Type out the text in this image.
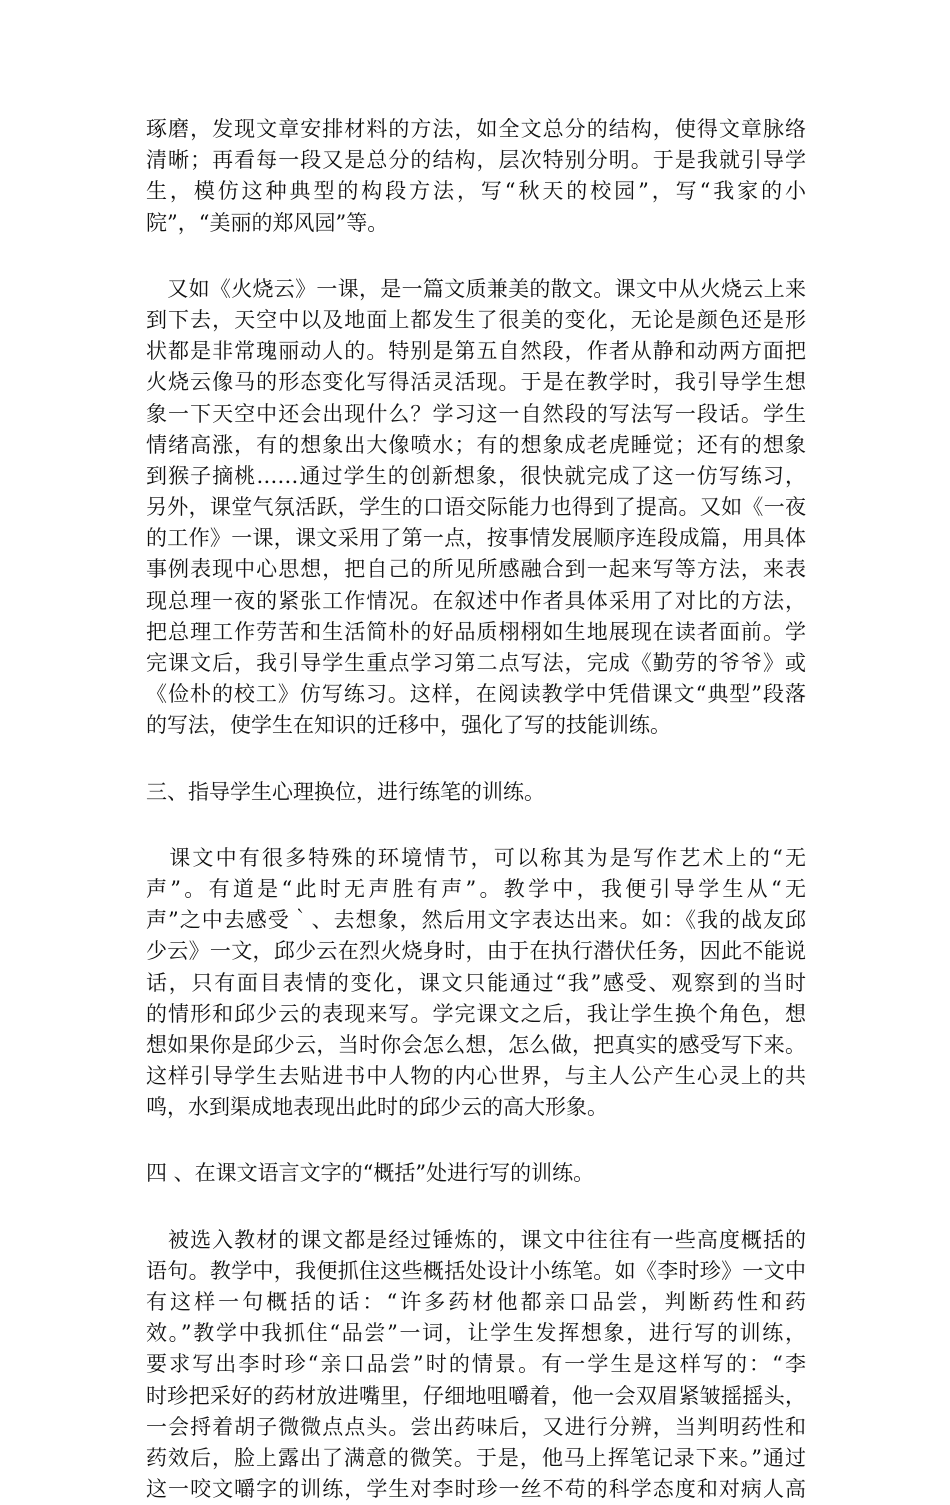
琢磨，发现文章安排材料的方法，如全文总分的结构，使得文章脉络
清晰；再看每一段又是总分的结构，层次特别分明。于是我就引导学
生，模仿这种典型的构段方法，写“秋天的校园”，写“我家的小
院”，“美丽的郑风园”等。
　又如《火烧云》一课，是一篇文质兼美的散文。课文中从火烧云上来
到下去，天空中以及地面上都发生了很美的变化，无论是颜色还是形
状都是非常瑰丽动人的。特别是第五自然段，作者从静和动两方面把
火烧云像马的形态变化写得活灵活现。于是在教学时，我引导学生想
象一下天空中还会出现什么？学习这一自然段的写法写一段话。学生
情绪高涨，有的想象出大像喷水；有的想象成老虎睡觉；还有的想象
到猴子摘桃……通过学生的创新想象，很快就完成了这一仿写练习，
另外，课堂气氛活跃，学生的口语交际能力也得到了提高。又如《一夜
的工作》一课，课文采用了第一点，按事情发展顺序连段成篇，用具体
事例表现中心思想，把自己的所见所感融合到一起来写等方法，来表
现总理一夜的紧张工作情况。在叙述中作者具体采用了对比的方法，
把总理工作劳苦和生活简朴的好品质栩栩如生地展现在读者面前。学
完课文后，我引导学生重点学习第二点写法，完成《勤劳的爷爷》或
《俭朴的校工》仿写练习。这样，在阅读教学中凭借课文“典型”段落
的写法，使学生在知识的迁移中，强化了写的技能训练。
三、指导学生心理换位，进行练笔的训练。
　课文中有很多特殊的环境情节，可以称其为是写作艺术上的“无
声”。有道是“此时无声胜有声”。教学中，我便引导学生从“无
声”之中去感受｀、去想象，然后用文字表达出来。如：《我的战友邱
少云》一文，邱少云在烈火烧身时，由于在执行潜伏任务，因此不能说
话，只有面目表情的变化，课文只能通过“我”感受、观察到的当时
的情形和邱少云的表现来写。学完课文之后，我让学生换个角色，想
想如果你是邱少云，当时你会怎么想，怎么做，把真实的感受写下来。
这样引导学生去贴进书中人物的内心世界，与主人公产生心灵上的共
鸣，水到渠成地表现出此时的邱少云的高大形象。
四 、在课文语言文字的“概括”处进行写的训练。
　被选入教材的课文都是经过锤炼的，课文中往往有一些高度概括的
语句。教学中，我便抓住这些概括处设计小练笔。如《李时珍》一文中
有这样一句概括的话：“许多药材他都亲口品尝，判断药性和药
效。”教学中我抓住“品尝”一词，让学生发挥想象，进行写的训练，
要求写出李时珍“亲口品尝”时的情景。有一学生是这样写的：“李
时珍把采好的药材放进嘴里，仔细地咀嚼着，他一会双眉紧皱摇摇头，
一会捋着胡子微微点点头。尝出药味后，又进行分辨，当判明药性和
药效后，脸上露出了满意的微笑。于是，他马上挥笔记录下来。”通过
这一咬文嚼字的训练，学生对李时珍一丝不苟的科学态度和对病人高
